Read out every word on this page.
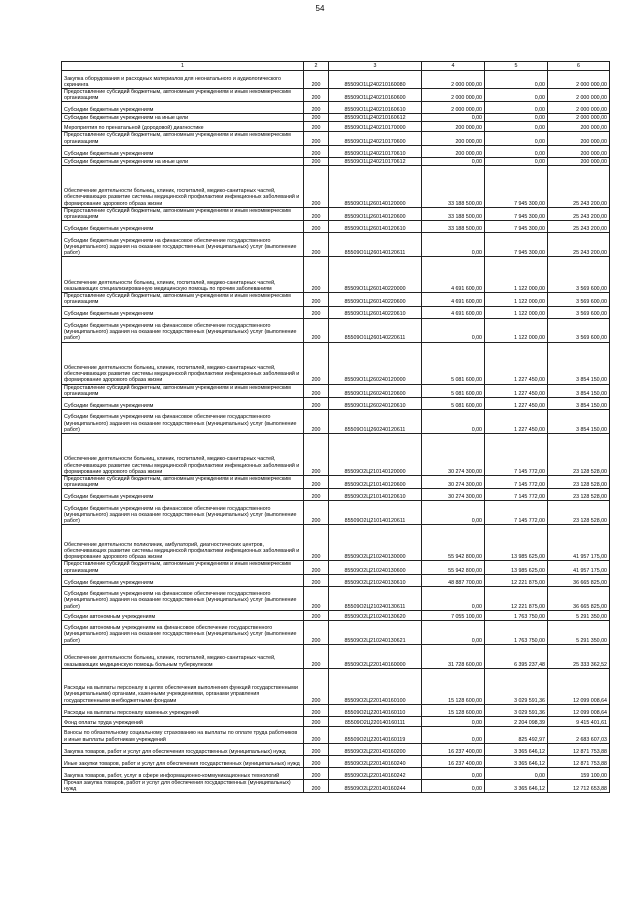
54
1	2	3	4	5	6
Закупка оборудования и расходных материалов для неонатального и аудиологического скрининга	200	85509О1Ц240210160080	2 000 000,00	0,00	2 000 000,00
Предоставление субсидий бюджетным, автономным учреждениям и иным некоммерческим организациям	200	85509О1Ц240210160600	2 000 000,00	0,00	2 000 000,00
Субсидии бюджетным учреждениям	200	85509О1Ц240210160610	2 000 000,00	0,00	2 000 000,00
Субсидии бюджетным учреждениям на иные цели	200	85509О1Ц240210160612	0,00	0,00	2 000 000,00
Мероприятия по пренатальной (дородовой) диагностике	200	85509О1Ц240210170000	200 000,00	0,00	200 000,00
Предоставление субсидий бюджетным, автономным учреждениям и иным некоммерческим организациям	200	85509О1Ц240210170600	200 000,00	0,00	200 000,00
Субсидии бюджетным учреждениям	200	85509О1Ц240210170610	200 000,00	0,00	200 000,00
Субсидии бюджетным учреждениям на иные цели	200	85509О1Ц240210170612	0,00	0,00	200 000,00
Обеспечение деятельности больниц, клиник, госпиталей, медико-санитарных частей, обеспечивающих развитие системы медицинской профилактики инфекционных заболеваний и формирование здорового образа жизни	200	85509О1Ц260140120000	33 188 500,00	7 945 300,00	25 243 200,00
Предоставление субсидий бюджетным, автономным учреждениям и иным некоммерческим организациям	200	85509О1Ц260140120600	33 188 500,00	7 945 300,00	25 243 200,00
Субсидии бюджетным учреждениям	200	85509О1Ц260140120610	33 188 500,00	7 945 300,00	25 243 200,00
Субсидии бюджетным учреждениям на финансовое обеспечение государственного (муниципального) задания на оказание государственных (муниципальных) услуг (выполнение работ)	200	85509О1Ц260140120611	0,00	7 945 300,00	25 243 200,00
Обеспечение деятельности больниц, клиник, госпиталей, медико-санитарных частей, оказывающих специализированную медицинскую помощь по прочим заболеваниям	200	85509О1Ц260140220000	4 691 600,00	1 122 000,00	3 569 600,00
Предоставление субсидий бюджетным, автономным учреждениям и иным некоммерческим организациям	200	85509О1Ц260140220600	4 691 600,00	1 122 000,00	3 569 600,00
Субсидии бюджетным учреждениям	200	85509О1Ц260140220610	4 691 600,00	1 122 000,00	3 569 600,00
Субсидии бюджетным учреждениям на финансовое обеспечение государственного (муниципального) задания на оказание государственных (муниципальных) услуг (выполнение работ)	200	85509О1Ц260140220611	0,00	1 122 000,00	3 569 600,00
Обеспечение деятельности больниц, клиник, госпиталей, медико-санитарных частей, обеспечивающих развитие системы медицинской профилактики инфекционных заболеваний и формирование здорового образа жизни	200	85509О1Ц260240120000	5 081 600,00	1 227 450,00	3 854 150,00
Предоставление субсидий бюджетным, автономным учреждениям и иным некоммерческим организациям	200	85509О1Ц260240120600	5 081 600,00	1 227 450,00	3 854 150,00
Субсидии бюджетным учреждениям	200	85509О1Ц260240120610	5 081 600,00	1 227 450,00	3 854 150,00
Субсидии бюджетным учреждениям на финансовое обеспечение государственного (муниципального) задания на оказание государственных (муниципальных) услуг (выполнение работ)	200	85509О1Ц260240120611	0,00	1 227 450,00	3 854 150,00
Обеспечение деятельности больниц, клиник, госпиталей, медико-санитарных частей, обеспечивающих развитие системы медицинской профилактики инфекционных заболеваний и формирование здорового образа жизни	200	85509О2Ц210140120000	30 274 300,00	7 145 772,00	23 128 528,00
Предоставление субсидий бюджетным, автономным учреждениям и иным некоммерческим организациям	200	85509О2Ц210140120600	30 274 300,00	7 145 772,00	23 128 528,00
Субсидии бюджетным учреждениям	200	85509О2Ц210140120610	30 274 300,00	7 145 772,00	23 128 528,00
Субсидии бюджетным учреждениям на финансовое обеспечение государственного (муниципального) задания на оказание государственных (муниципальных) услуг (выполнение работ)	200	85509О2Ц210140120611	0,00	7 145 772,00	23 128 528,00
Обеспечение деятельности поликлиник, амбулаторий, диагностических центров, обеспечивающих развитие системы медицинской профилактики инфекционных заболеваний и формирование здорового образа жизни	200	85509О2Ц210240130000	55 942 800,00	13 985 625,00	41 957 175,00
Предоставление субсидий бюджетным, автономным учреждениям и иным некоммерческим организациям	200	85509О2Ц210240130600	55 942 800,00	13 985 625,00	41 957 175,00
Субсидии бюджетным учреждениям	200	85509О2Ц210240130610	48 887 700,00	12 221 875,00	36 665 825,00
Субсидии бюджетным учреждениям на финансовое обеспечение государственного (муниципального) задания на оказание государственных (муниципальных) услуг (выполнение работ)	200	85509О2Ц210240130611	0,00	12 221 875,00	36 665 825,00
Субсидии автономным учреждениям	200	85509О2Ц210240130620	7 055 100,00	1 763 750,00	5 291 350,00
Субсидии автономным учреждениям на финансовое обеспечение государственного (муниципального) задания на оказание государственных (муниципальных) услуг (выполнение работ)	200	85509О2Ц210240130621	0,00	1 763 750,00	5 291 350,00
Обеспечение деятельности больниц, клиник, госпиталей, медико-санитарных частей, оказывающих медицинскую помощь больным туберкулезом	200	85509О2Ц220140160000	31 728 600,00	6 395 237,48	25 333 362,52
Расходы на выплаты персоналу в целях обеспечения выполнения функций государственными (муниципальными) органами, казенными учреждениями, органами управления государственными внебюджетными фондами	200	85509О2Ц220140160100	15 128 600,00	3 029 591,36	12 099 008,64
Расходы на выплаты персоналу казенных учреждений	200	85509О2Ц220140160110	15 128 600,00	3 029 591,36	12 099 008,64
Фонд оплаты труда учреждений	200	85509О2Ц220140160111	0,00	2 204 098,39	9 415 401,61
Взносы по обязательному социальному страхованию на выплаты по оплате труда работников и иные выплаты работникам учреждений	200	85509О2Ц220140160119	0,00	825 492,97	2 683 607,03
Закупка товаров, работ и услуг для обеспечения государственных (муниципальных) нужд	200	85509О2Ц220140160200	16 237 400,00	3 365 646,12	12 871 753,88
Иные закупки товаров, работ и услуг для обеспечения государственных (муниципальных) нужд	200	85509О2Ц220140160240	16 237 400,00	3 365 646,12	12 871 753,88
Закупка товаров, работ, услуг в сфере информационно-коммуникационных технологий	200	85509О2Ц220140160242	0,00	0,00	159 100,00
Прочая закупка товаров, работ и услуг для обеспечения государственных (муниципальных) нужд	200	85509О2Ц220140160244	0,00	3 365 646,12	12 712 653,88
